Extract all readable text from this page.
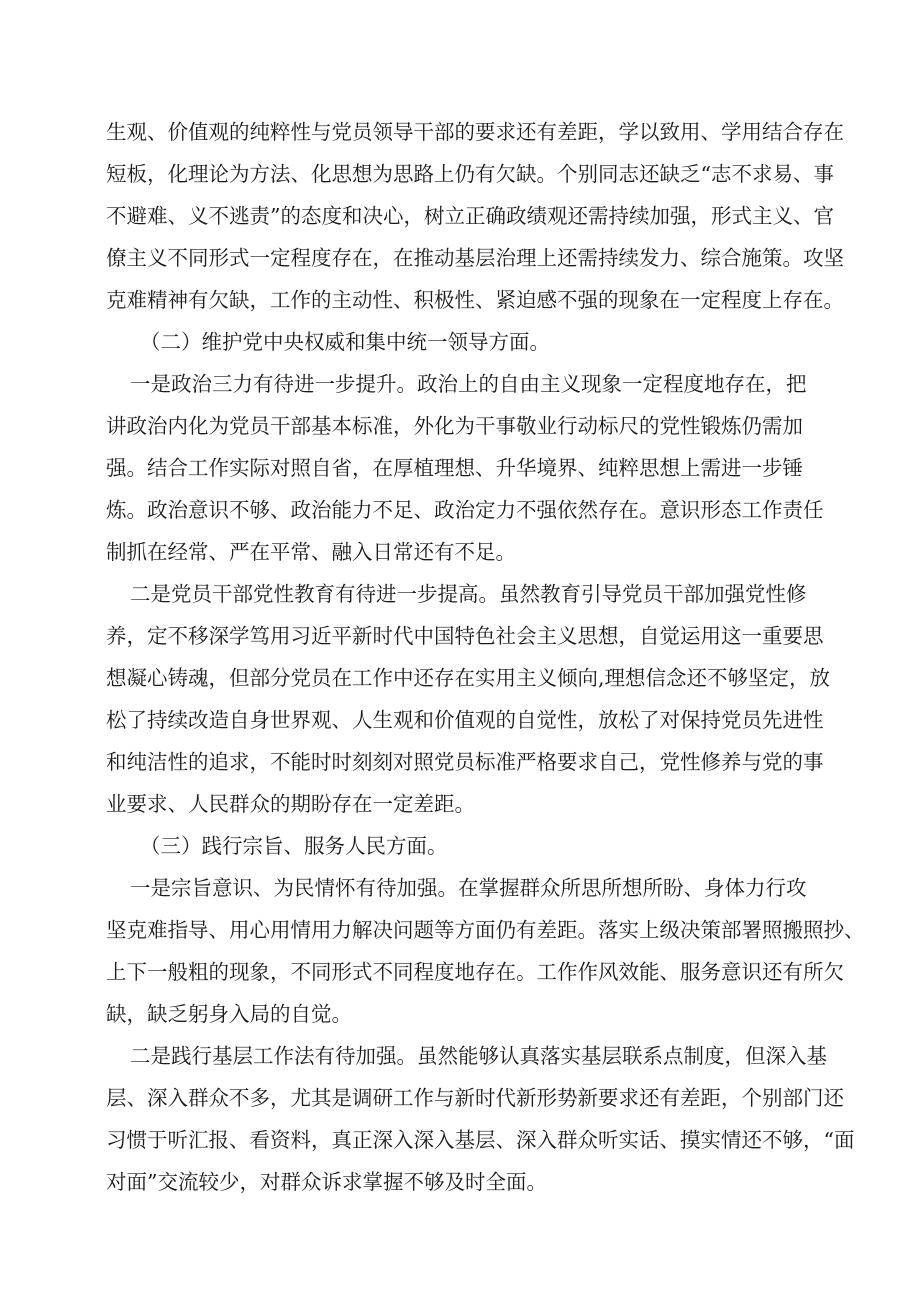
生观、价值观的纯粹性与党员领导干部的要求还有差距，学以致用、学用结合存在
短板，化理论为方法、化思想为思路上仍有欠缺。个别同志还缺乏“志不求易、事
不避难、义不逃责”的态度和决心，树立正确政绩观还需持续加强，形式主义、官
僚主义不同形式一定程度存在，在推动基层治理上还需持续发力、综合施策。攻坚
克难精神有欠缺，工作的主动性、积极性、紧迫感不强的现象在一定程度上存在。
（二）维护党中央权威和集中统一领导方面。
一是政治三力有待进一步提升。政治上的自由主义现象一定程度地存在，把
讲政治内化为党员干部基本标准，外化为干事敬业行动标尺的党性锻炼仍需加
强。结合工作实际对照自省，在厚植理想、升华境界、纯粹思想上需进一步锤
炼。政治意识不够、政治能力不足、政治定力不强依然存在。意识形态工作责任
制抓在经常、严在平常、融入日常还有不足。
二是党员干部党性教育有待进一步提高。虽然教育引导党员干部加强党性修
养，定不移深学笃用习近平新时代中国特色社会主义思想，自觉运用这一重要思
想凝心铸魂，但部分党员在工作中还存在实用主义倾向,理想信念还不够坚定，放
松了持续改造自身世界观、人生观和价值观的自觉性，放松了对保持党员先进性
和纯洁性的追求，不能时时刻刻对照党员标准严格要求自己，党性修养与党的事
业要求、人民群众的期盼存在一定差距。
（三）践行宗旨、服务人民方面。
一是宗旨意识、为民情怀有待加强。在掌握群众所思所想所盼、身体力行攻
坚克难指导、用心用情用力解决问题等方面仍有差距。落实上级决策部署照搬照抄、
上下一般粗的现象，不同形式不同程度地存在。工作作风效能、服务意识还有所欠
缺，缺乏躬身入局的自觉。
二是践行基层工作法有待加强。虽然能够认真落实基层联系点制度，但深入基
层、深入群众不多，尤其是调研工作与新时代新形势新要求还有差距，个别部门还
习惯于听汇报、看资料，真正深入深入基层、深入群众听实话、摸实情还不够，“面
对面”交流较少，对群众诉求掌握不够及时全面。
